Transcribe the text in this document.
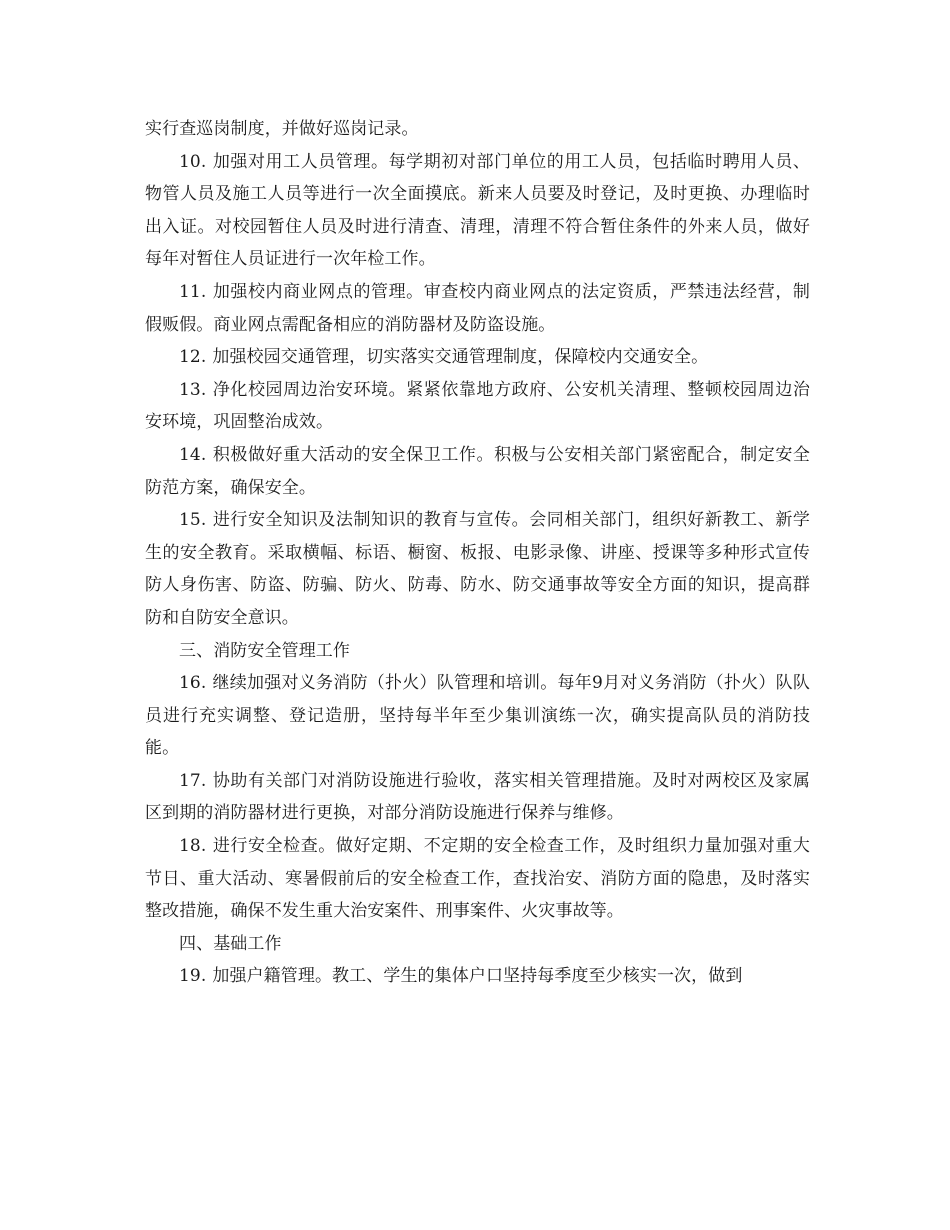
实行查巡岗制度，并做好巡岗记录。

10. 加强对用工人员管理。每学期初对部门单位的用工人员，包括临时聘用人员、物管人员及施工人员等进行一次全面摸底。新来人员要及时登记，及时更换、办理临时出入证。对校园暂住人员及时进行清查、清理，清理不符合暂住条件的外来人员，做好每年对暂住人员证进行一次年检工作。

11. 加强校内商业网点的管理。审查校内商业网点的法定资质，严禁违法经营，制假贩假。商业网点需配备相应的消防器材及防盗设施。

12. 加强校园交通管理，切实落实交通管理制度，保障校内交通安全。

13. 净化校园周边治安环境。紧紧依靠地方政府、公安机关清理、整顿校园周边治安环境，巩固整治成效。

14. 积极做好重大活动的安全保卫工作。积极与公安相关部门紧密配合，制定安全防范方案，确保安全。

15. 进行安全知识及法制知识的教育与宣传。会同相关部门，组织好新教工、新学生的安全教育。采取横幅、标语、橱窗、板报、电影录像、讲座、授课等多种形式宣传防人身伤害、防盗、防骗、防火、防毒、防水、防交通事故等安全方面的知识，提高群防和自防安全意识。

三、消防安全管理工作

16. 继续加强对义务消防（扑火）队管理和培训。每年9月对义务消防（扑火）队队员进行充实调整、登记造册，坚持每半年至少集训演练一次，确实提高队员的消防技能。

17. 协助有关部门对消防设施进行验收，落实相关管理措施。及时对两校区及家属区到期的消防器材进行更换，对部分消防设施进行保养与维修。

18. 进行安全检查。做好定期、不定期的安全检查工作，及时组织力量加强对重大节日、重大活动、寒暑假前后的安全检查工作，查找治安、消防方面的隐患，及时落实整改措施，确保不发生重大治安案件、刑事案件、火灾事故等。

四、基础工作

19. 加强户籍管理。教工、学生的集体户口坚持每季度至少核实一次，做到
